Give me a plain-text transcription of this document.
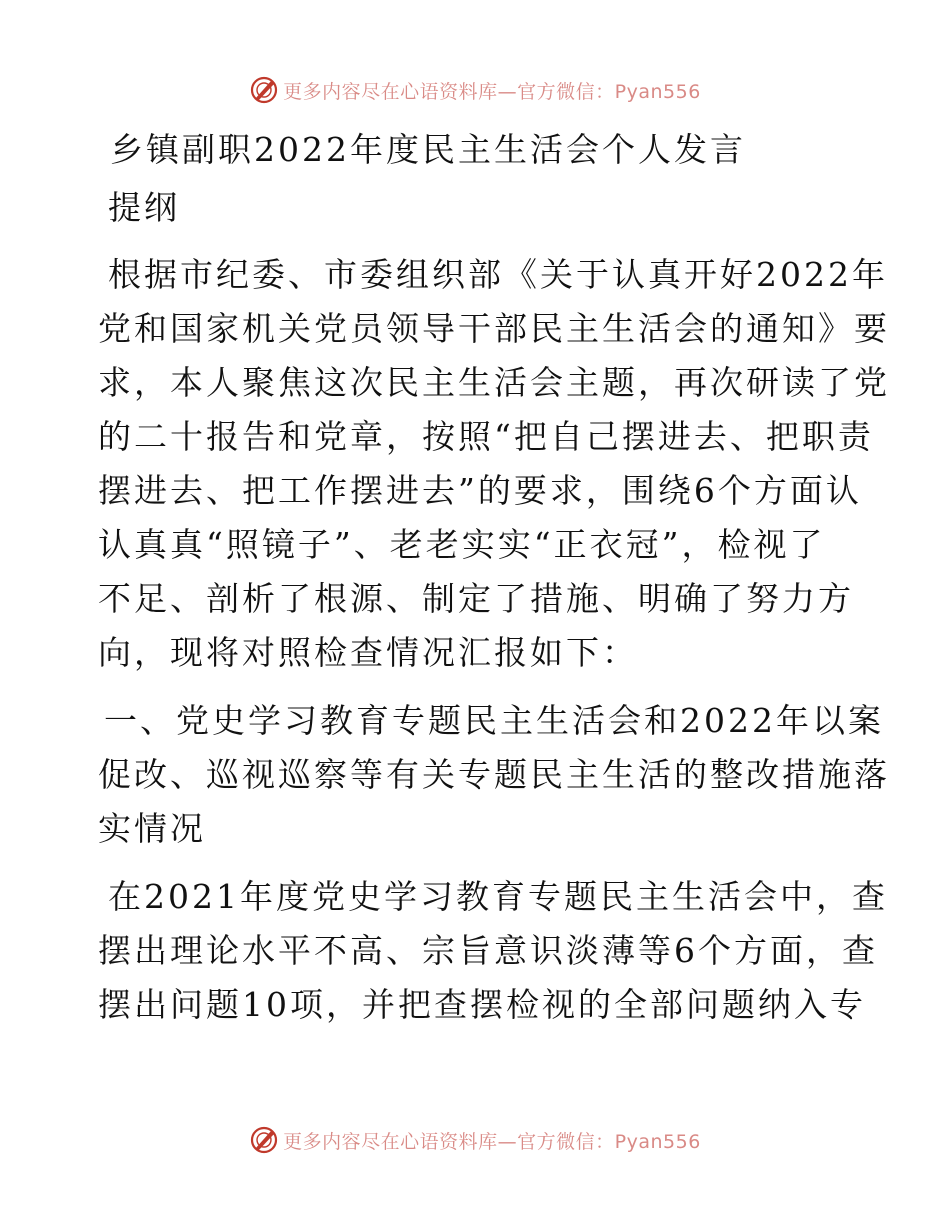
更多内容尽在心语资料库—官方微信：Pyan556
乡镇副职2022年度民主生活会个人发言
提纲
根据市纪委、市委组织部《关于认真开好2022年
党和国家机关党员领导干部民主生活会的通知》要
求，本人聚焦这次民主生活会主题，再次研读了党
的二十报告和党章，按照“把自己摆进去、把职责
摆进去、把工作摆进去”的要求，围绕6个方面认
认真真“照镜子”、老老实实“正衣冠”，检视了
不足、剖析了根源、制定了措施、明确了努力方
向，现将对照检查情况汇报如下：
一、党史学习教育专题民主生活会和2022年以案
促改、巡视巡察等有关专题民主生活的整改措施落
实情况
在2021年度党史学习教育专题民主生活会中，查
摆出理论水平不高、宗旨意识淡薄等6个方面，查
摆出问题10项，并把查摆检视的全部问题纳入专
更多内容尽在心语资料库—官方微信：Pyan556
